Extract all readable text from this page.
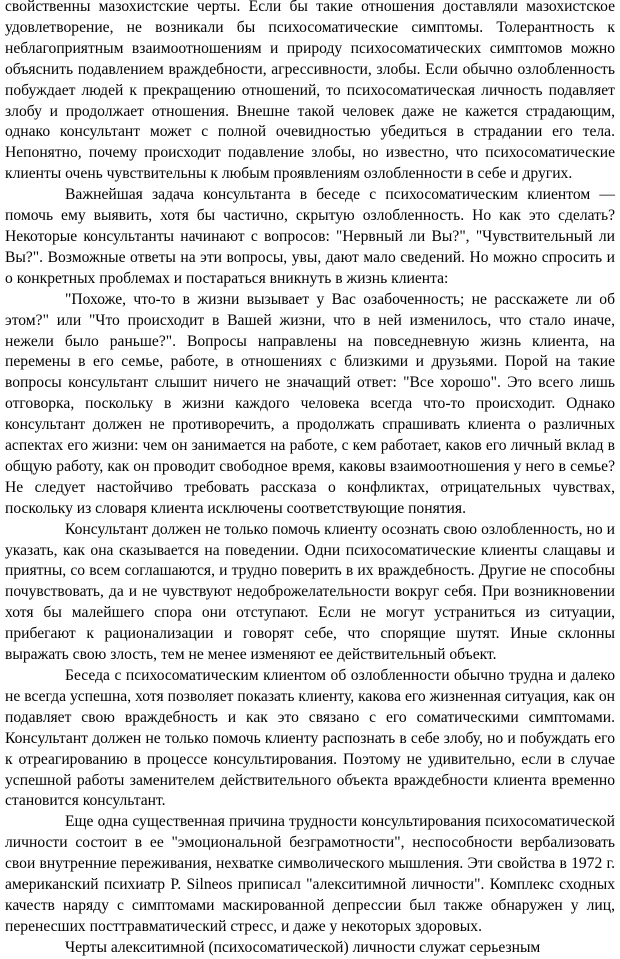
свойственны мазохистские черты. Если бы такие отношения доставляли мазохистское удовлетворение, не возникали бы психосоматические симптомы. Толерантность к неблагоприятным взаимоотношениям и природу психосоматических симптомов можно объяснить подавлением враждебности, агрессивности, злобы. Если обычно озлобленность побуждает людей к прекращению отношений, то психосоматическая личность подавляет злобу и продолжает отношения. Внешне такой человек даже не кажется страдающим, однако консультант может с полной очевидностью убедиться в страдании его тела. Непонятно, почему происходит подавление злобы, но известно, что психосоматические клиенты очень чувствительны к любым проявлениям озлобленности в себе и других.

Важнейшая задача консультанта в беседе с психосоматическим клиентом — помочь ему выявить, хотя бы частично, скрытую озлобленность. Но как это сделать? Некоторые консультанты начинают с вопросов: "Нервный ли Вы?", "Чувствительный ли Вы?". Возможные ответы на эти вопросы, увы, дают мало сведений. Но можно спросить и о конкретных проблемах и постараться вникнуть в жизнь клиента:

"Похоже, что-то в жизни вызывает у Вас озабоченность; не расскажете ли об этом?" или "Что происходит в Вашей жизни, что в ней изменилось, что стало иначе, нежели было раньше?". Вопросы направлены на повседневную жизнь клиента, на перемены в его семье, работе, в отношениях с близкими и друзьями. Порой на такие вопросы консультант слышит ничего не значащий ответ: "Все хорошо". Это всего лишь отговорка, поскольку в жизни каждого человека всегда что-то происходит. Однако консультант должен не противоречить, а продолжать спрашивать клиента о различных аспектах его жизни: чем он занимается на работе, с кем работает, каков его личный вклад в общую работу, как он проводит свободное время, каковы взаимоотношения у него в семье? Не следует настойчиво требовать рассказа о конфликтах, отрицательных чувствах, поскольку из словаря клиента исключены соответствующие понятия.

Консультант должен не только помочь клиенту осознать свою озлобленность, но и указать, как она сказывается на поведении. Одни психосоматические клиенты слащавы и приятны, со всем соглашаются, и трудно поверить в их враждебность. Другие не способны почувствовать, да и не чувствуют недоброжелательности вокруг себя. При возникновении хотя бы малейшего спора они отступают. Если не могут устраниться из ситуации, прибегают к рационализации и говорят себе, что спорящие шутят. Иные склонны выражать свою злость, тем не менее изменяют ее действительный объект.

Беседа с психосоматическим клиентом об озлобленности обычно трудна и далеко не всегда успешна, хотя позволяет показать клиенту, какова его жизненная ситуация, как он подавляет свою враждебность и как это связано с его соматическими симптомами. Консультант должен не только помочь клиенту распознать в себе злобу, но и побуждать его к отреагированию в процессе консультирования. Поэтому не удивительно, если в случае успешной работы заменителем действительного объекта враждебности клиента временно становится консультант.

Еще одна существенная причина трудности консультирования психосоматической личности состоит в ее "эмоциональной безграмотности", неспособности вербализовать свои внутренние переживания, нехватке символического мышления. Эти свойства в 1972 г. американский психиатр P. Silneos приписал "алекситимной личности". Комплекс сходных качеств наряду с симптомами маскированной депрессии был также обнаружен у лиц, перенесших посттравматический стресс, и даже у некоторых здоровых.

Черты алекситимной (психосоматической) личности служат серьезным
